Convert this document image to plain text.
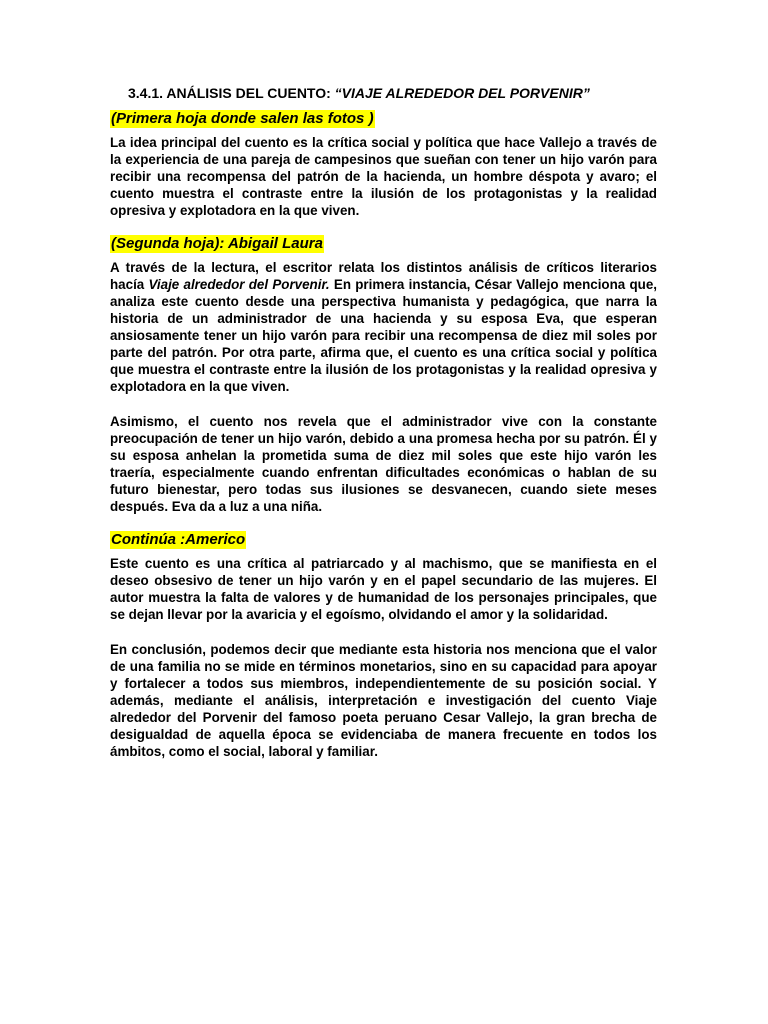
3.4.1. ANÁLISIS DEL CUENTO: “VIAJE ALREDEDOR DEL PORVENIR”
(Primera hoja donde salen las fotos )

La idea principal del cuento es la crítica social y política que hace Vallejo a través de la experiencia de una pareja de campesinos que sueñan con tener un hijo varón para recibir una recompensa del patrón de la hacienda, un hombre déspota y avaro; el cuento muestra el contraste entre la ilusión de los protagonistas y la realidad opresiva y explotadora en la que viven.

(Segunda hoja): Abigail Laura

A través de la lectura, el escritor relata los distintos análisis de críticos literarios hacía Viaje alrededor del Porvenir. En primera instancia, César Vallejo menciona que, analiza este cuento desde una perspectiva humanista y pedagógica, que narra la historia de un administrador de una hacienda y su esposa Eva, que esperan ansiosamente tener un hijo varón para recibir una recompensa de diez mil soles por parte del patrón. Por otra parte, afirma que, el cuento es una crítica social y política que muestra el contraste entre la ilusión de los protagonistas y la realidad opresiva y explotadora en la que viven.

Asimismo, el cuento nos revela que el administrador vive con la constante preocupación de tener un hijo varón, debido a una promesa hecha por su patrón. Él y su esposa anhelan la prometida suma de diez mil soles que este hijo varón les traería, especialmente cuando enfrentan dificultades económicas o hablan de su futuro bienestar, pero todas sus ilusiones se desvanecen, cuando siete meses después. Eva da a luz a una niña.

Continúa :Americo

Este cuento es una crítica al patriarcado y al machismo, que se manifiesta en el deseo obsesivo de tener un hijo varón y en el papel secundario de las mujeres. El autor muestra la falta de valores y de humanidad de los personajes principales, que se dejan llevar por la avaricia y el egoísmo, olvidando el amor y la solidaridad.

En conclusión, podemos decir que mediante esta historia nos menciona que el valor de una familia no se mide en términos monetarios, sino en su capacidad para apoyar y fortalecer a todos sus miembros, independientemente de su posición social. Y además, mediante el análisis, interpretación e investigación del cuento Viaje alrededor del Porvenir del famoso poeta peruano Cesar Vallejo, la gran brecha de desigualdad de aquella época se evidenciaba de manera frecuente en todos los ámbitos, como el social, laboral y familiar.
